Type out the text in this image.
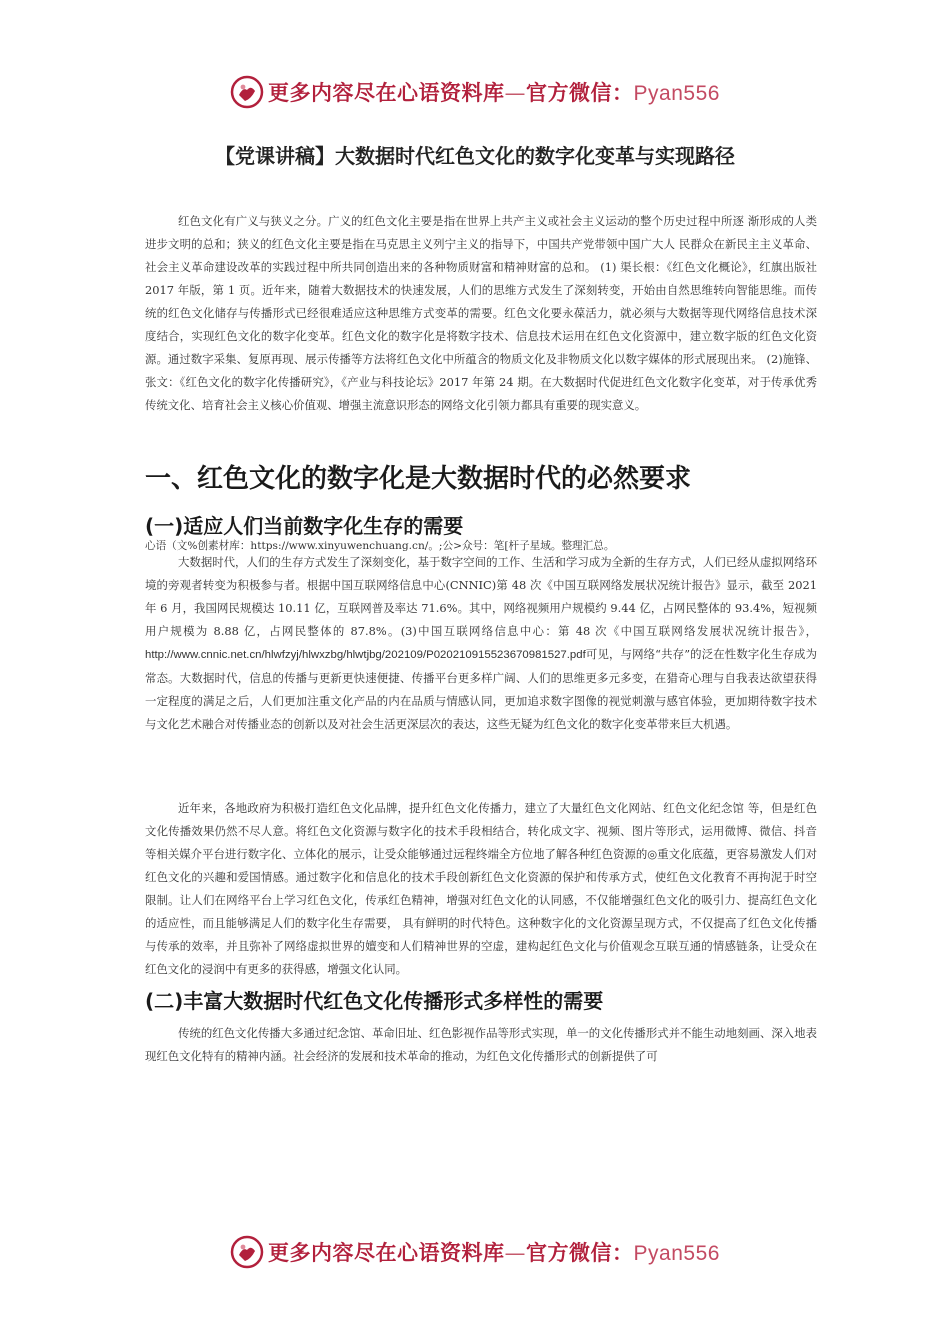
更多内容尽在心语资料库—官方微信：Pyan556
【党课讲稿】大数据时代红色文化的数字化变革与实现路径

红色文化有广义与狭义之分。广义的红色文化主要是指在世界上共产主义或社会主义运动的整个历史过程中所逐 渐形成的人类进步文明的总和；狭义的红色文化主要是指在马克思主义列宁主义的指导下，中国共产党带领中国广大人 民群众在新民主主义革命、社会主义革命建设改革的实践过程中所共同创造出来的各种物质财富和精神财富的总和。 (1) 渠长根：《红色文化概论》，红旗出版社 2017 年版，第 1 页。近年来，随着大数据技术的快速发展，人们的思维方式发生了深刻转变，开始由自然思维转向智能思维。而传统的红色文化储存与传播形式已经很难适应这种思维方式变革的需要。红色文化要永葆活力，就必须与大数据等现代网络信息技术深度结合，实现红色文化的数字化变革。红色文化的数字化是将数字技术、信息技术运用在红色文化资源中，建立数字版的红色文化资源。通过数字采集、复原再现、展示传播等方法将红色文化中所蕴含的物质文化及非物质文化以数字媒体的形式展现出来。 (2)施锋、张文：《红色文化的数字化传播研究》，《产业与科技论坛》2017 年第 24 期。在大数据时代促进红色文化数字化变革，对于传承优秀传统文化、培育社会主义核心价值观、增强主流意识形态的网络文化引领力都具有重要的现实意义。

一、红色文化的数字化是大数据时代的必然要求
(一)适应人们当前数字化生存的需要

心语（文%创素材库：https://www.xinyuwenchuang.cn/。;公>众号：笔[杆子星域。整理汇总。

大数据时代，人们的生存方式发生了深刻变化，基于数字空间的工作、生活和学习成为全新的生存方式，人们已经从虚拟网络环境的旁观者转变为积极参与者。根据中国互联网络信息中心(CNNIC)第 48 次《中国互联网络发展状况统计报告》显示，截至 2021 年 6 月，我国网民规模达 10.11 亿，互联网普及率达 71.6%。其中，网络视频用户规模约 9.44 亿，占网民整体的 93.4%，短视频用户规模为 8.88 亿，占网民整体的 87.8%。(3)中国互联网络信息中心：第 48 次《中国互联网络发展状况统计报告》，http://www.cnnic.net.cn/hlwfzyj/hlwxzbg/hlwtjbg/202109/P020210915523670981527.pdf可见，与网络“共存”的泛在性数字化生存成为常态。大数据时代，信息的传播与更新更快速便捷、传播平台更多样广阔、人们的思维更多元多变，在猎奇心理与自我表达欲望获得一定程度的满足之后，人们更加注重文化产品的内在品质与情感认同，更加追求数字图像的视觉刺激与感官体验，更加期待数字技术与文化艺术融合对传播业态的创新以及对社会生活更深层次的表达，这些无疑为红色文化的数字化变革带来巨大机遇。

近年来，各地政府为积极打造红色文化品牌，提升红色文化传播力，建立了大量红色文化网站、红色文化纪念馆 等，但是红色文化传播效果仍然不尽人意。将红色文化资源与数字化的技术手段相结合，转化成文字、视频、图片等形式，运用微博、微信、抖音等相关媒介平台进行数字化、立体化的展示，让受众能够通过远程终端全方位地了解各种红色资源的◎重文化底蕴，更容易激发人们对红色文化的兴趣和爱国情感。通过数字化和信息化的技术手段创新红色文化资源的保护和传承方式，使红色文化教育不再拘泥于时空限制。让人们在网络平台上学习红色文化，传承红色精神，增强对红色文化的认同感，不仅能增强红色文化的吸引力、提高红色文化的适应性，而且能够满足人们的数字化生存需要， 具有鲜明的时代特色。这种数字化的文化资源呈现方式，不仅提高了红色文化传播与传承的效率，并且弥补了网络虚拟世界的嬗变和人们精神世界的空虚，建构起红色文化与价值观念互联互通的情感链条，让受众在红色文化的浸润中有更多的获得感，增强文化认同。

(二)丰富大数据时代红色文化传播形式多样性的需要

传统的红色文化传播大多通过纪念馆、革命旧址、红色影视作品等形式实现，单一的文化传播形式并不能生动地刻画、深入地表现红色文化特有的精神内涵。社会经济的发展和技术革命的推动，为红色文化传播形式的创新提供了可

更多内容尽在心语资料库—官方微信：Pyan556
